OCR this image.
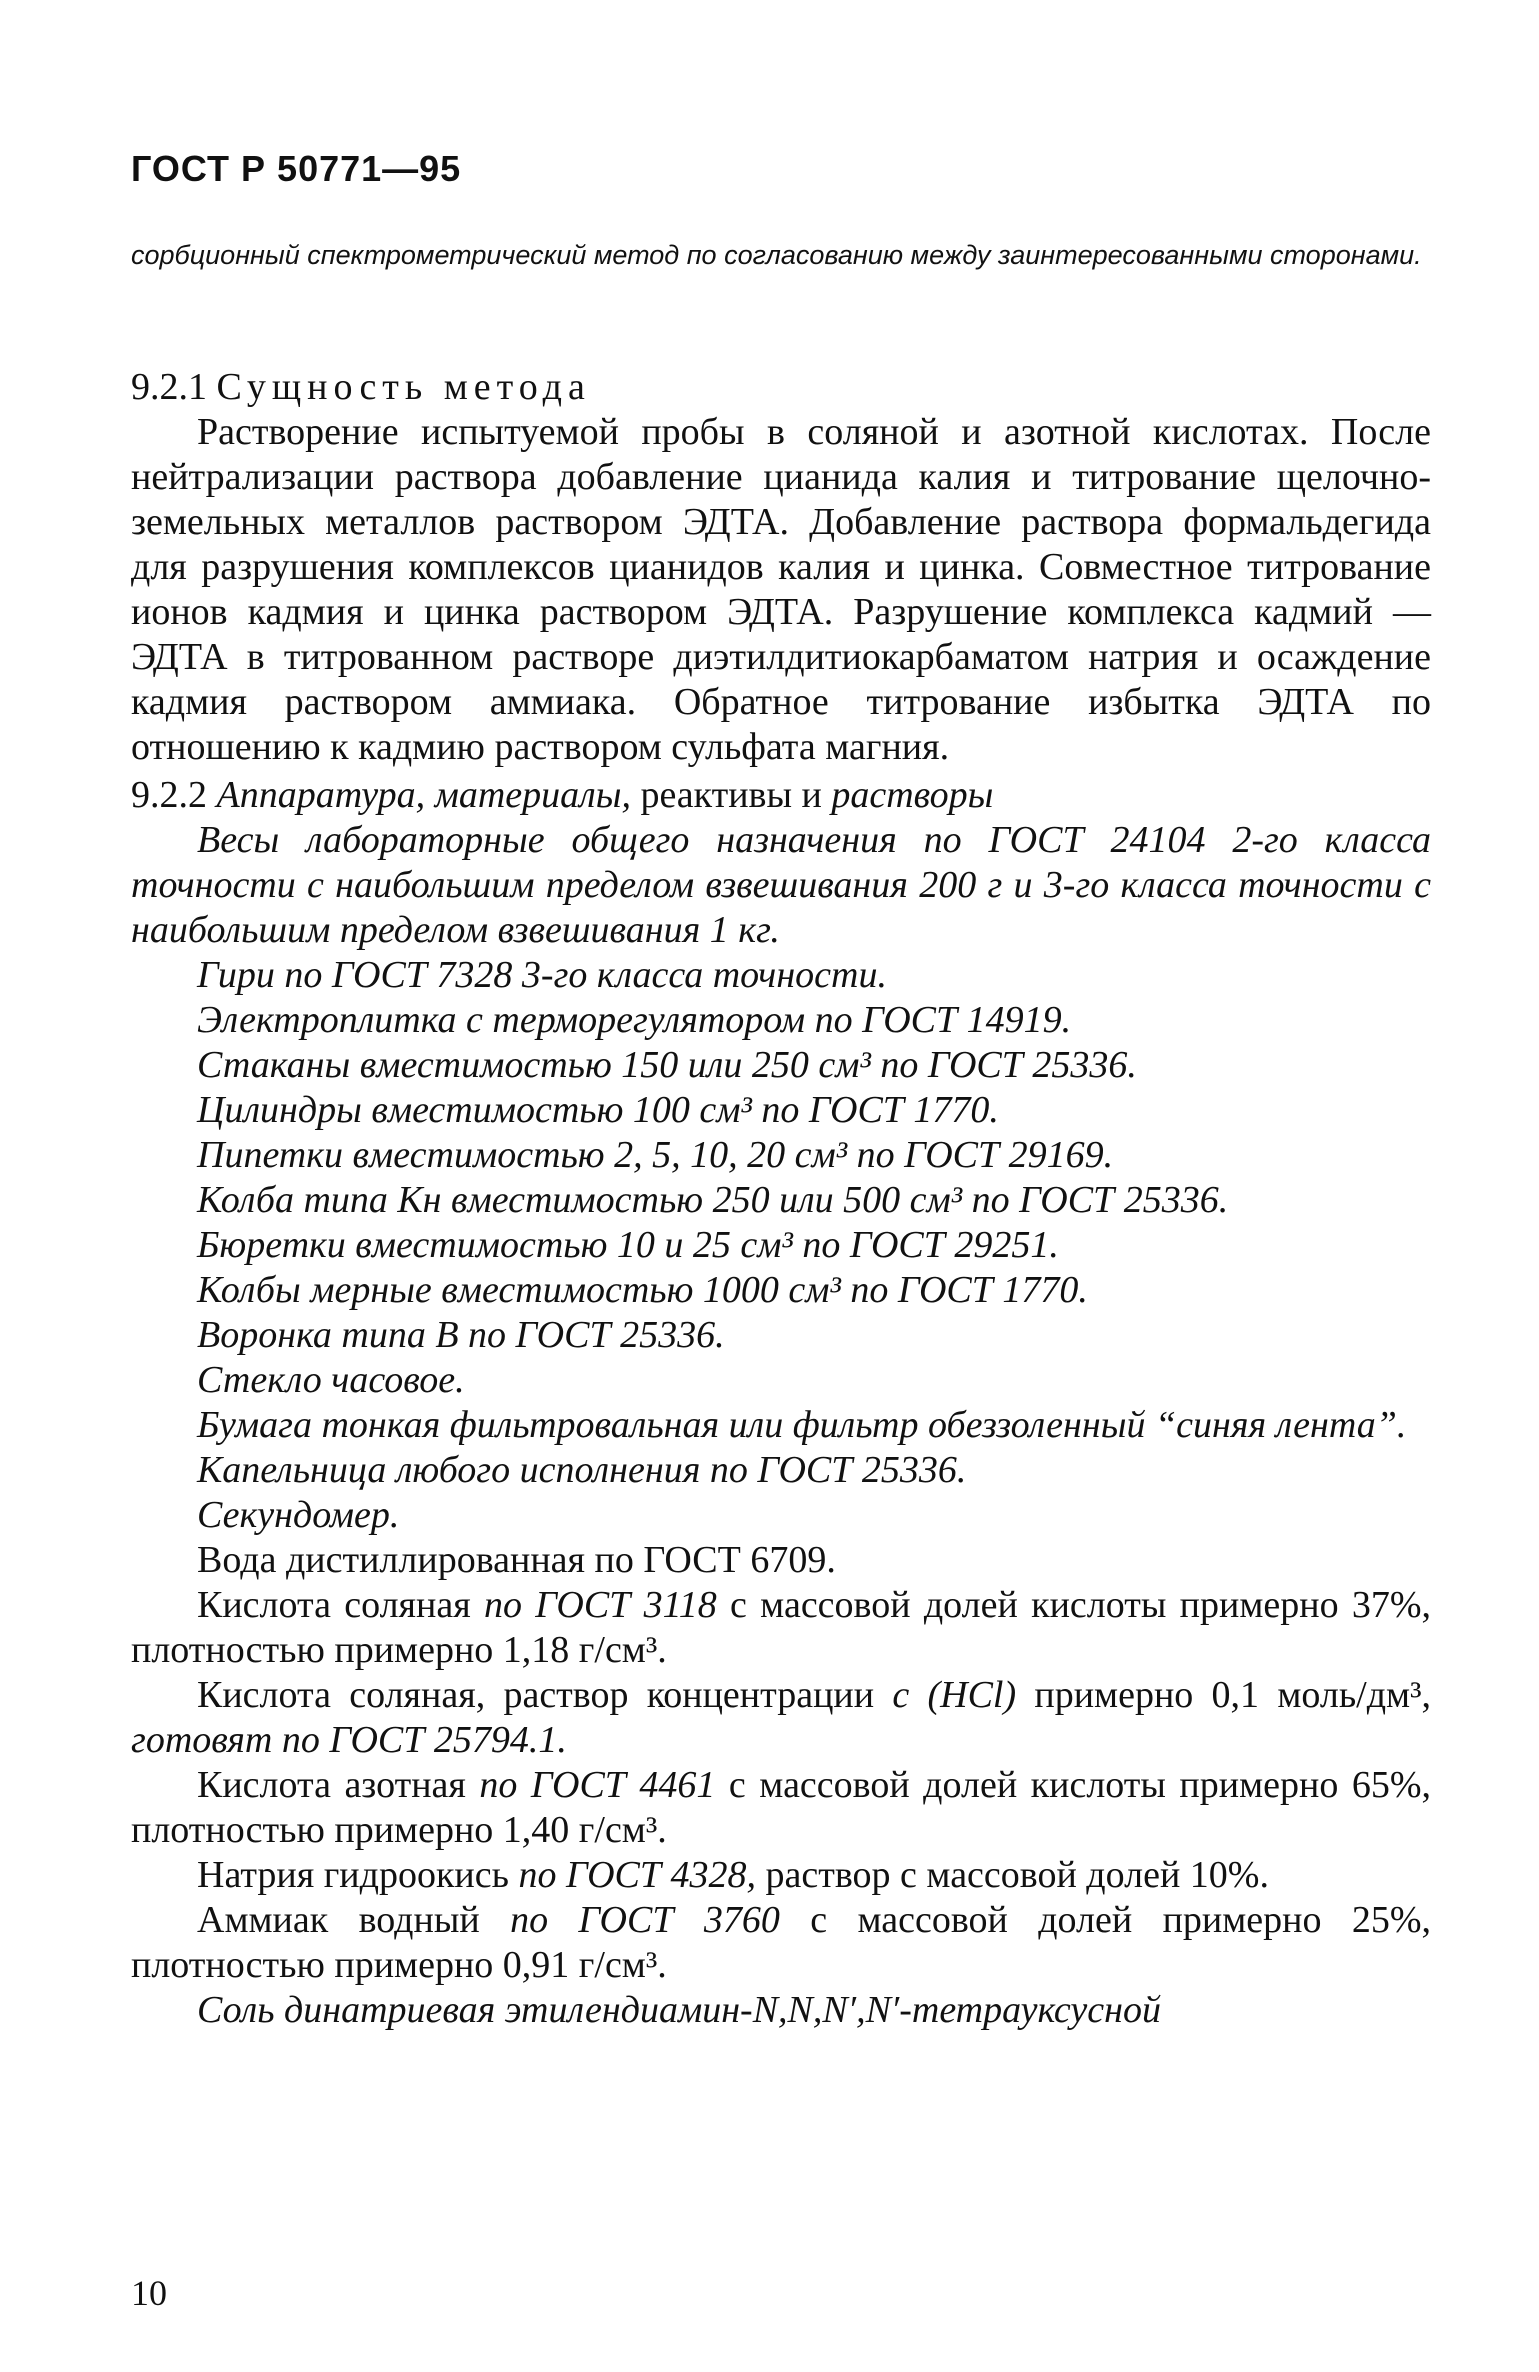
ГОСТ Р 50771—95
сорбционный спектрометрический метод по согласованию между заинтересованными сторонами.

9.2.1 Сущность метода

Растворение испытуемой пробы в соляной и азотной кислотах. После нейтрализации раствора добавление цианида калия и титрование щелочно-земельных металлов раствором ЭДТА. Добавление раствора формальдегида для разрушения комплексов цианидов калия и цинка. Совместное титрование ионов кадмия и цинка раствором ЭДТА. Разрушение комплекса кадмий — ЭДТА в титрованном растворе диэтилдитиокарбаматом натрия и осаждение кадмия раствором аммиака. Обратное титрование избытка ЭДТА по отношению к кадмию раствором сульфата магния.

9.2.2 Аппаратура, материалы, реактивы и растворы

Весы лабораторные общего назначения по ГОСТ 24104 2-го класса точности с наибольшим пределом взвешивания 200 г и 3-го класса точности с наибольшим пределом взвешивания 1 кг.

Гири по ГОСТ 7328 3-го класса точности.

Электроплитка с терморегулятором по ГОСТ 14919.

Стаканы вместимостью 150 или 250 см³ по ГОСТ 25336.

Цилиндры вместимостью 100 см³ по ГОСТ 1770.

Пипетки вместимостью 2, 5, 10, 20 см³ по ГОСТ 29169.

Колба типа Кн вместимостью 250 или 500 см³ по ГОСТ 25336.

Бюретки вместимостью 10 и 25 см³ по ГОСТ 29251.

Колбы мерные вместимостью 1000 см³ по ГОСТ 1770.

Воронка типа В по ГОСТ 25336.

Стекло часовое.

Бумага тонкая фильтровальная или фильтр обеззоленный “синяя лента”.

Капельница любого исполнения по ГОСТ 25336.

Секундомер.

Вода дистиллированная по ГОСТ 6709.

Кислота соляная по ГОСТ 3118 с массовой долей кислоты примерно 37%, плотностью примерно 1,18 г/см³.

Кислота соляная, раствор концентрации с (HCl) примерно 0,1 моль/дм³, готовят по ГОСТ 25794.1.

Кислота азотная по ГОСТ 4461 с массовой долей кислоты примерно 65%, плотностью примерно 1,40 г/см³.

Натрия гидроокись по ГОСТ 4328, раствор с массовой долей 10%.

Аммиак водный по ГОСТ 3760 с массовой долей примерно 25%, плотностью примерно 0,91 г/см³.

Соль динатриевая этилендиамин-N,N,N′,N′-тетрауксусной

10
